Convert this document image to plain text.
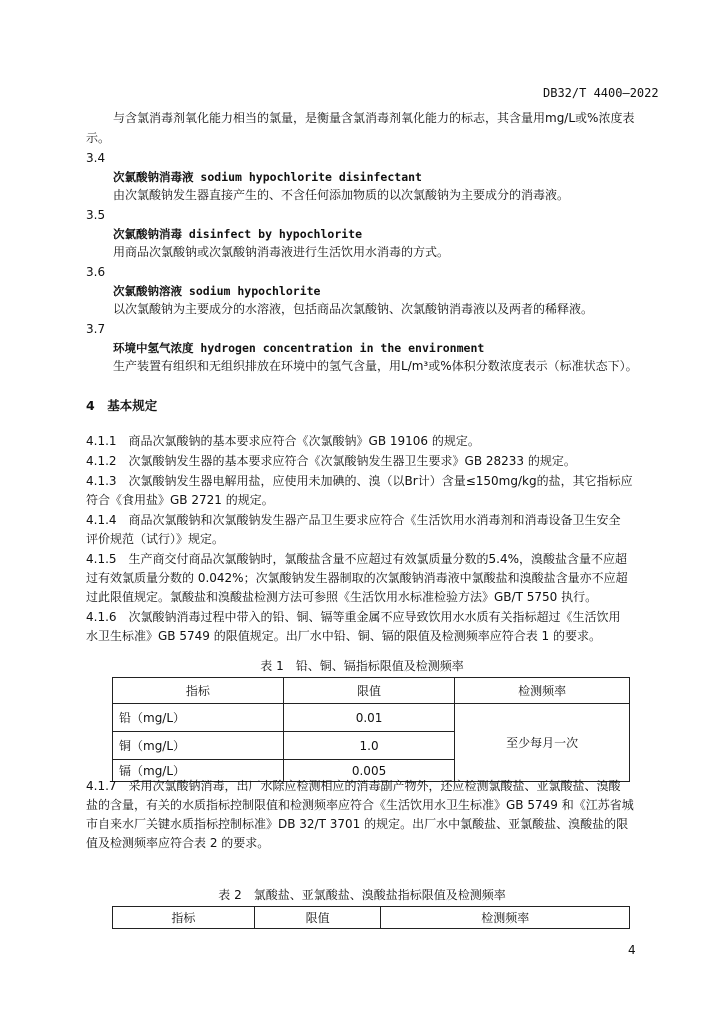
DB32/T 4400—2022
与含氯消毒剂氧化能力相当的氯量，是衡量含氯消毒剂氧化能力的标志，其含量用mg/L或%浓度表
示。
3.4
次氯酸钠消毒液 sodium hypochlorite disinfectant
由次氯酸钠发生器直接产生的、不含任何添加物质的以次氯酸钠为主要成分的消毒液。
3.5
次氯酸钠消毒 disinfect by hypochlorite
用商品次氯酸钠或次氯酸钠消毒液进行生活饮用水消毒的方式。
3.6
次氯酸钠溶液 sodium hypochlorite
以次氯酸钠为主要成分的水溶液，包括商品次氯酸钠、次氯酸钠消毒液以及两者的稀释液。
3.7
环境中氢气浓度 hydrogen concentration in the environment
生产装置有组织和无组织排放在环境中的氢气含量，用L/m³或%体积分数浓度表示（标准状态下）。
4　基本规定
4.1.1　商品次氯酸钠的基本要求应符合《次氯酸钠》GB 19106 的规定。
4.1.2　次氯酸钠发生器的基本要求应符合《次氯酸钠发生器卫生要求》GB 28233 的规定。
4.1.3　次氯酸钠发生器电解用盐，应使用未加碘的、溴（以Br计）含量≤150mg/kg的盐，其它指标应
符合《食用盐》GB 2721 的规定。
4.1.4　商品次氯酸钠和次氯酸钠发生器产品卫生要求应符合《生活饮用水消毒剂和消毒设备卫生安全
评价规范（试行）》规定。
4.1.5　生产商交付商品次氯酸钠时，氯酸盐含量不应超过有效氯质量分数的5.4%，溴酸盐含量不应超
过有效氯质量分数的 0.042%；次氯酸钠发生器制取的次氯酸钠消毒液中氯酸盐和溴酸盐含量亦不应超
过此限值规定。氯酸盐和溴酸盐检测方法可参照《生活饮用水标准检验方法》GB/T 5750 执行。
4.1.6　次氯酸钠消毒过程中带入的铅、铜、镉等重金属不应导致饮用水水质有关指标超过《生活饮用
水卫生标准》GB 5749 的限值规定。出厂水中铅、铜、镉的限值及检测频率应符合表 1 的要求。
表 1　铅、铜、镉指标限值及检测频率
指标	限值	检测频率
铅（mg/L）	0.01	至少每月一次
铜（mg/L）	1.0	
镉（mg/L）	0.005	
4.1.7　采用次氯酸钠消毒，出厂水除应检测相应的消毒副产物外，还应检测氯酸盐、亚氯酸盐、溴酸
盐的含量，有关的水质指标控制限值和检测频率应符合《生活饮用水卫生标准》GB 5749 和《江苏省城
市自来水厂关键水质指标控制标准》DB 32/T 3701 的规定。出厂水中氯酸盐、亚氯酸盐、溴酸盐的限
值及检测频率应符合表 2 的要求。
表 2　氯酸盐、亚氯酸盐、溴酸盐指标限值及检测频率
指标	限值	检测频率
4
